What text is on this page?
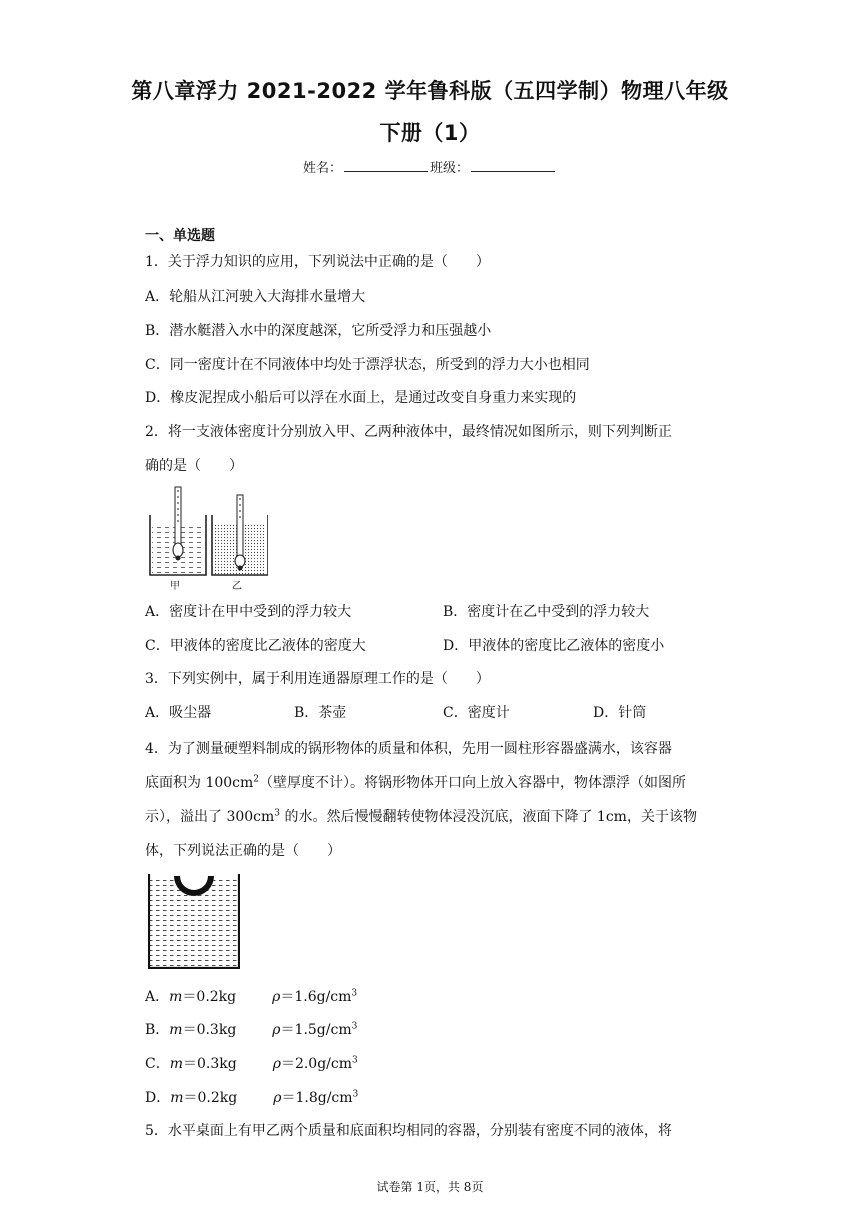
第八章浮力 2021-2022 学年鲁科版（五四学制）物理八年级
下册（1）
姓名：	班级：
一、单选题
1．关于浮力知识的应用，下列说法中正确的是（　　）
A．轮船从江河驶入大海排水量增大
B．潜水艇潜入水中的深度越深，它所受浮力和压强越小
C．同一密度计在不同液体中均处于漂浮状态，所受到的浮力大小也相同
D．橡皮泥捏成小船后可以浮在水面上，是通过改变自身重力来实现的
2．将一支液体密度计分别放入甲、乙两种液体中，最终情况如图所示，则下列判断正
确的是（　　）
甲	乙
A．密度计在甲中受到的浮力较大	B．密度计在乙中受到的浮力较大
C．甲液体的密度比乙液体的密度大	D．甲液体的密度比乙液体的密度小
3．下列实例中，属于利用连通器原理工作的是（　　）
A．吸尘器	B．茶壶	C．密度计	D．针筒
4．为了测量硬塑料制成的锅形物体的质量和体积，先用一圆柱形容器盛满水，该容器
底面积为 $100cm^2$（壁厚度不计）。将锅形物体开口向上放入容器中，物体漂浮（如图所
示），溢出了 $300cm^3$ 的水。然后慢慢翻转使物体浸没沉底，液面下降了 1cm，关于该物
体，下列说法正确的是（　　）
A．m＝0.2kg	$\rho=1.6g/cm^3$
B．m＝0.3kg	$\rho=1.5g/cm^3$
C．m＝0.3kg	$\rho=2.0g/cm^3$
D．m＝0.2kg	$\rho=1.8g/cm^3$
5．水平桌面上有甲乙两个质量和底面积均相同的容器，分别装有密度不同的液体，将
试卷第 1页，共 8页
